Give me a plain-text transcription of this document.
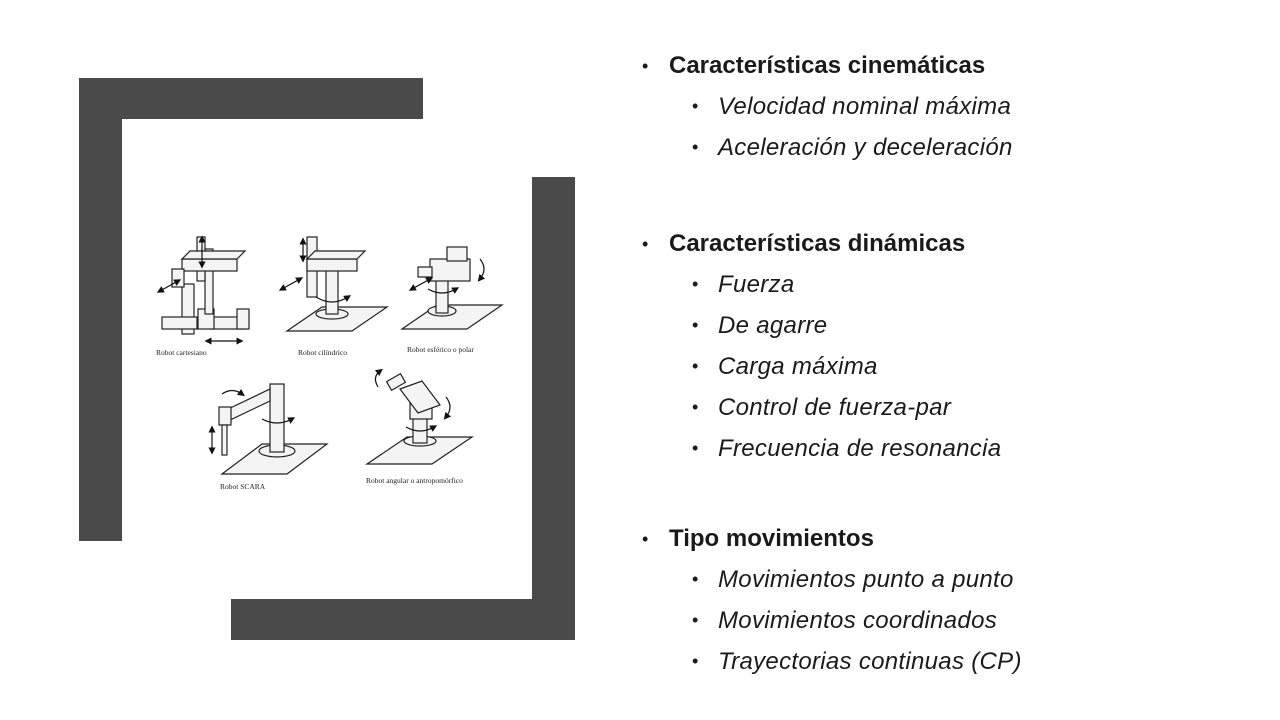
Robot cartesiano	Robot cilíndrico	Robot esférico o polar
Robot SCARA
Robot angular o antropomórfico
• Características cinemáticas
• Velocidad nominal máxima
• Aceleración y deceleración
• Características dinámicas
• Fuerza
• De agarre
• Carga máxima
• Control de fuerza-par
• Frecuencia de resonancia
• Tipo movimientos
• Movimientos punto a punto
• Movimientos coordinados
• Trayectorias continuas (CP)
